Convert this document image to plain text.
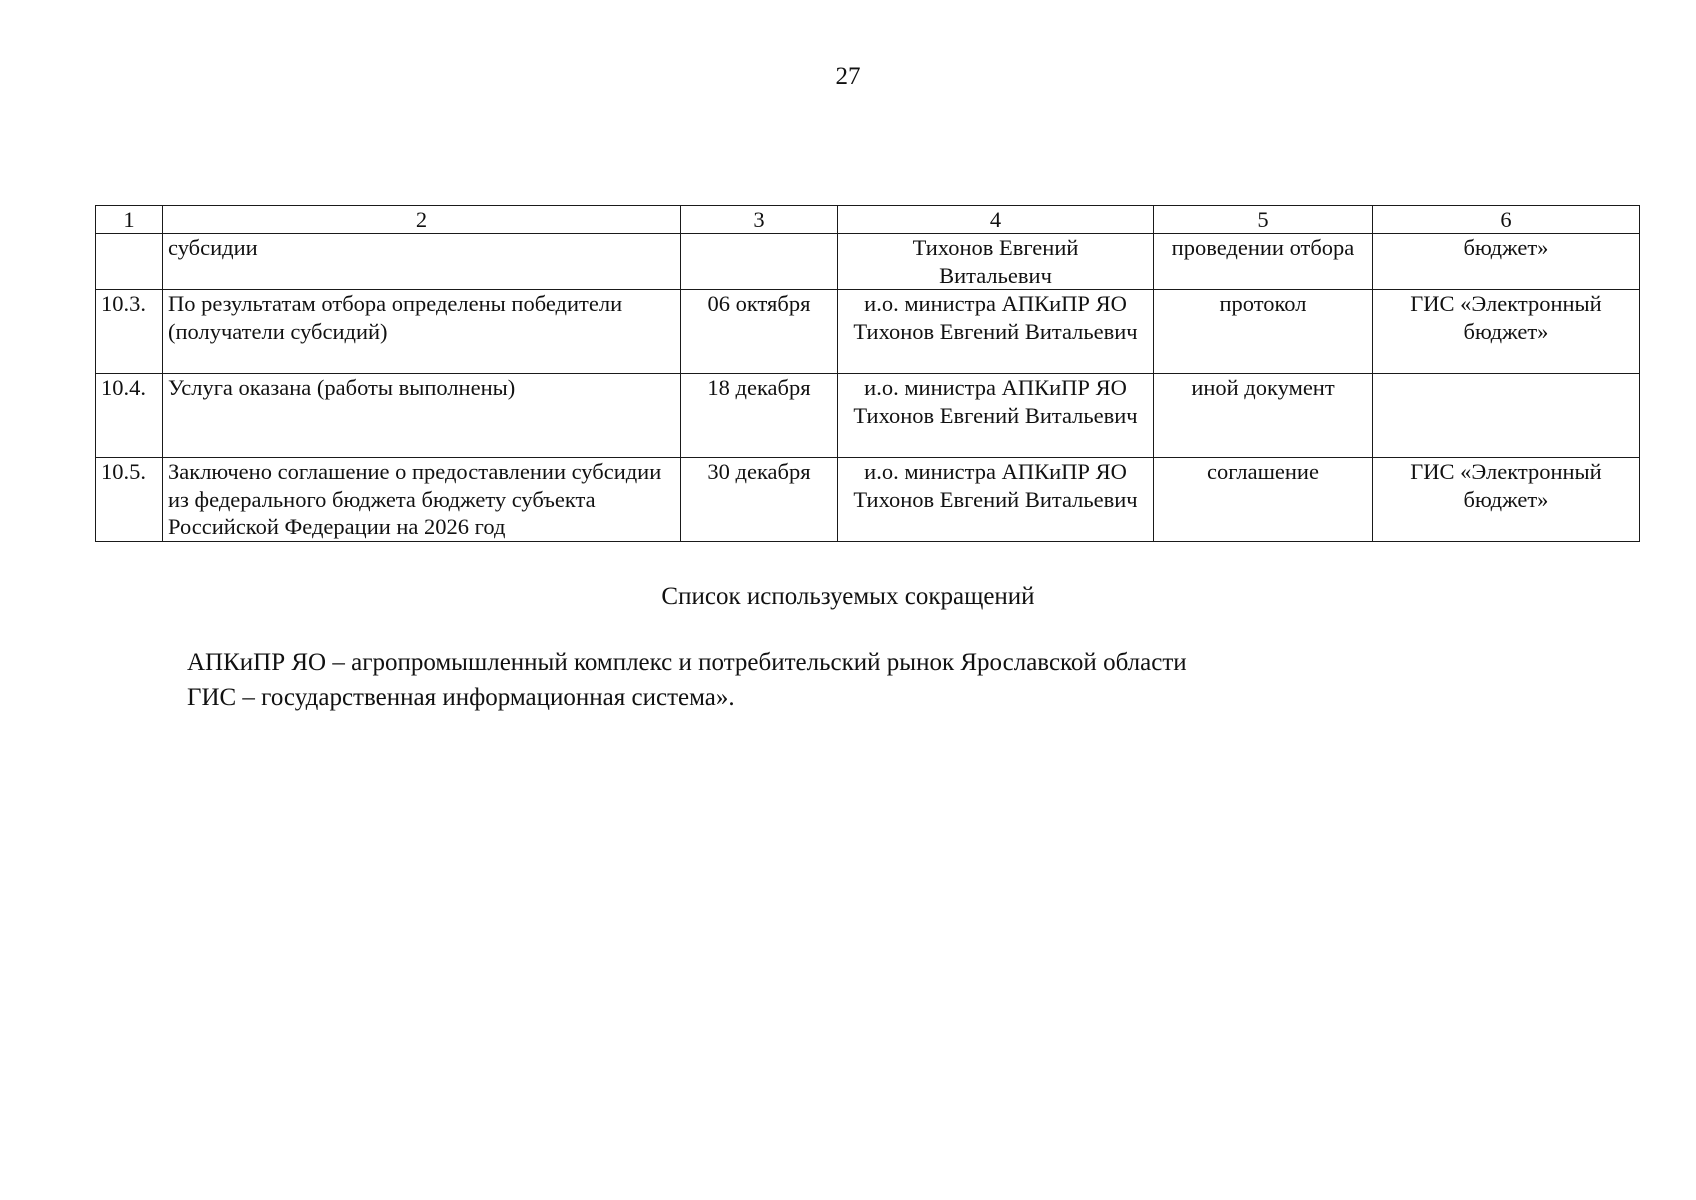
27
1	2	3	4	5	6
	субсидии		Тихонов Евгений Витальевич	проведении отбора	бюджет»
10.3.	По результатам отбора определены победители (получатели субсидий)	06 октября	и.о. министра АПКиПР ЯО Тихонов Евгений Витальевич	протокол	ГИС «Электронный бюджет»
10.4.	Услуга оказана (работы выполнены)	18 декабря	и.о. министра АПКиПР ЯО Тихонов Евгений Витальевич	иной документ	
10.5.	Заключено соглашение о предоставлении субсидии из федерального бюджета бюджету субъекта Российской Федерации на 2026 год	30 декабря	и.о. министра АПКиПР ЯО Тихонов Евгений Витальевич	соглашение	ГИС «Электронный бюджет»
Список используемых сокращений
АПКиПР ЯО – агропромышленный комплекс и потребительский рынок Ярославской области
ГИС – государственная информационная система».
